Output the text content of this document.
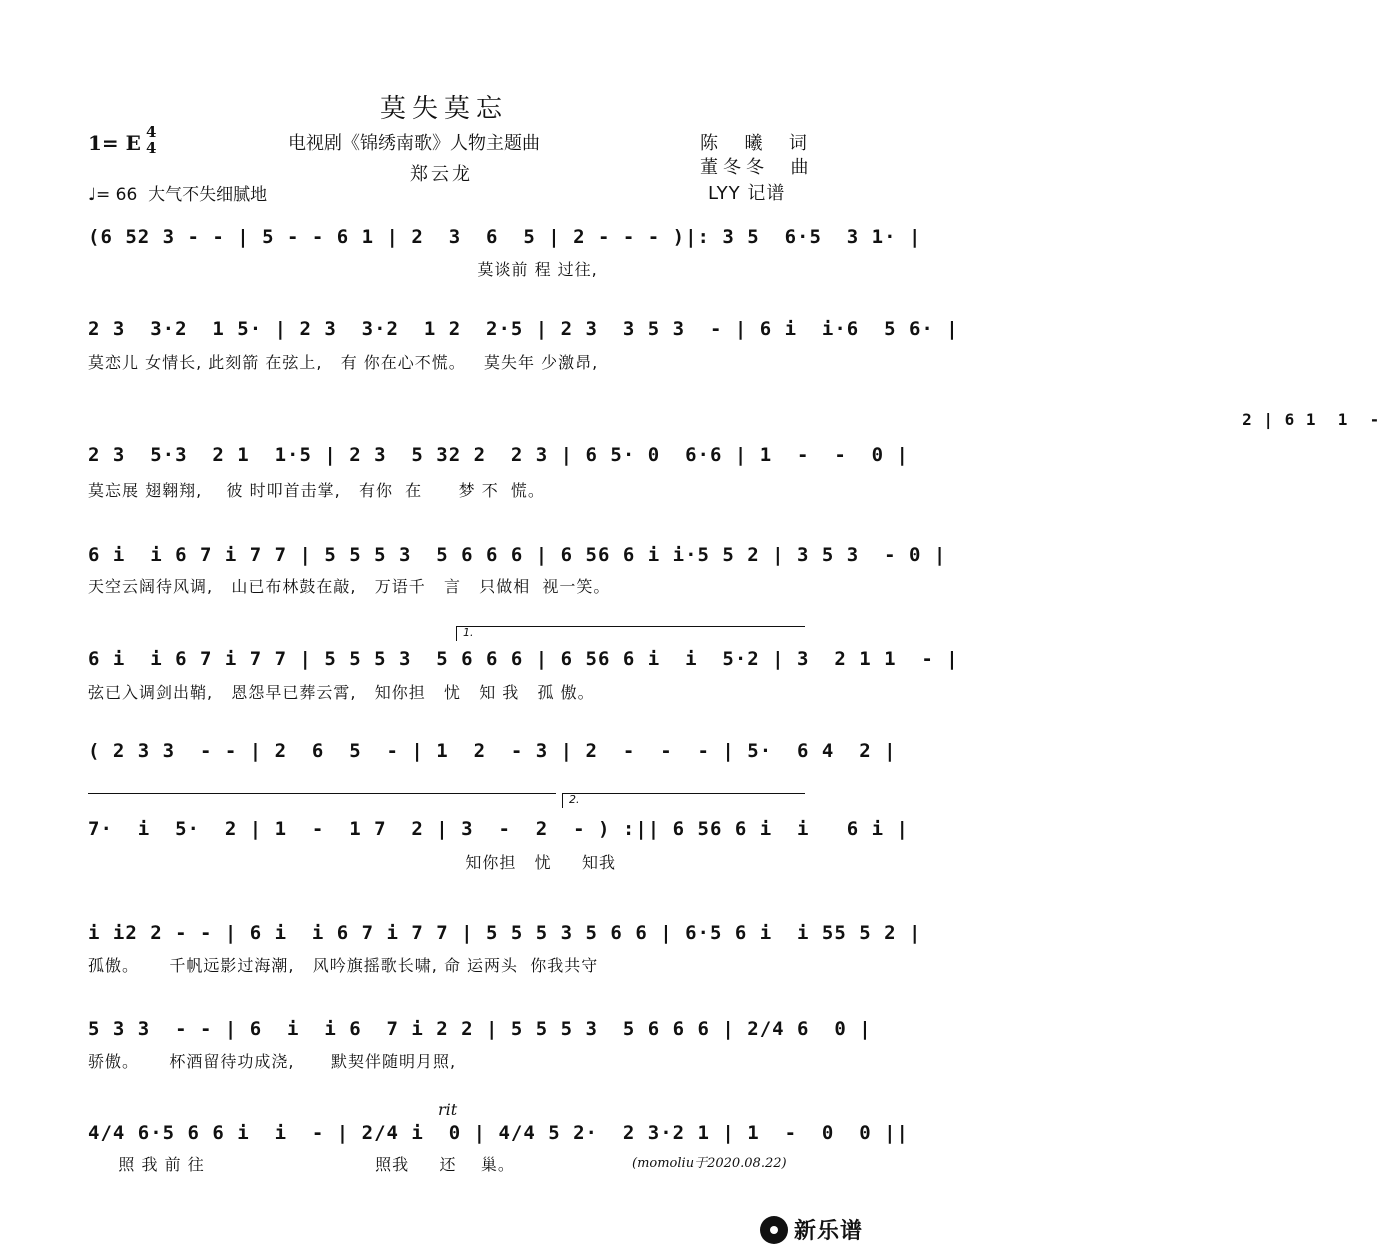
莫失莫忘
1= E 4
4	电视剧《锦绣南歌》人物主题曲
郑云龙
陈  曦  词
董冬冬  曲
LYY 记谱
♩= 66  大气不失细腻地
(6 52 3 - - | 5 - - 6 1 | 2  3  6  5 | 2 - - - )|: 3 5  6·5  3 1· |
莫谈前 程 过往,
2 3  3·2  1 5· | 2 3  3·2  1 2  2·5 | 2 3  3 5 3  - | 6 i  i·6  5 6· |
莫恋儿 女情长, 此刻箭 在弦上,   有 你在心不慌。   莫失年 少激昂,
2 | 6 1  1  -
2 3  5·3  2 1  1·5 | 2 3  5 32 2  2 3 | 6 5· 0  6·6 | 1  -  -  0 |
莫忘展 翅翱翔,    彼 时叩首击掌,   有你  在      梦 不  慌。
6 i  i 6 7 i 7 7 | 5 5 5 3  5 6 6 6 | 6 56 6 i i·5 5 2 | 3 5 3  - 0 |
天空云阔待风调,   山已布林鼓在敲,   万语千   言   只做相  视一笑。
1.
6 i  i 6 7 i 7 7 | 5 5 5 3  5 6 6 6 | 6 56 6 i  i  5·2 | 3  2 1 1  - |
弦已入调剑出鞘,   恩怨早已葬云霄,   知你担   忧   知 我   孤 傲。
( 2 3 3  - - | 2  6  5  - | 1  2  - 3 | 2  -  -  - | 5·  6 4  2 |
2.
7·  i  5·  2 | 1  -  1 7  2 | 3  -  2  - ) :|| 6 56 6 i  i   6 i |
知你担   忧     知我
i i2 2 - - | 6 i  i 6 7 i 7 7 | 5 5 5 3 5 6 6 | 6·5 6 i  i 55 5 2 |
孤傲。     千帆远影过海潮,   风吟旗摇歌长啸, 命 运两头  你我共守
5 3 3  - - | 6  i  i 6  7 i 2 2 | 5 5 5 3  5 6 6 6 | 2/4 6  0 |
骄傲。     杯酒留待功成浇,      默契伴随明月照,
rit
4/4 6·5 6 6 i  i  - | 2/4 i  0 | 4/4 5 2·  2 3·2 1 | 1  -  0  0 ||
照 我 前 往                            照我     还    巢。	(momoliu于2020.08.22)
新乐谱
